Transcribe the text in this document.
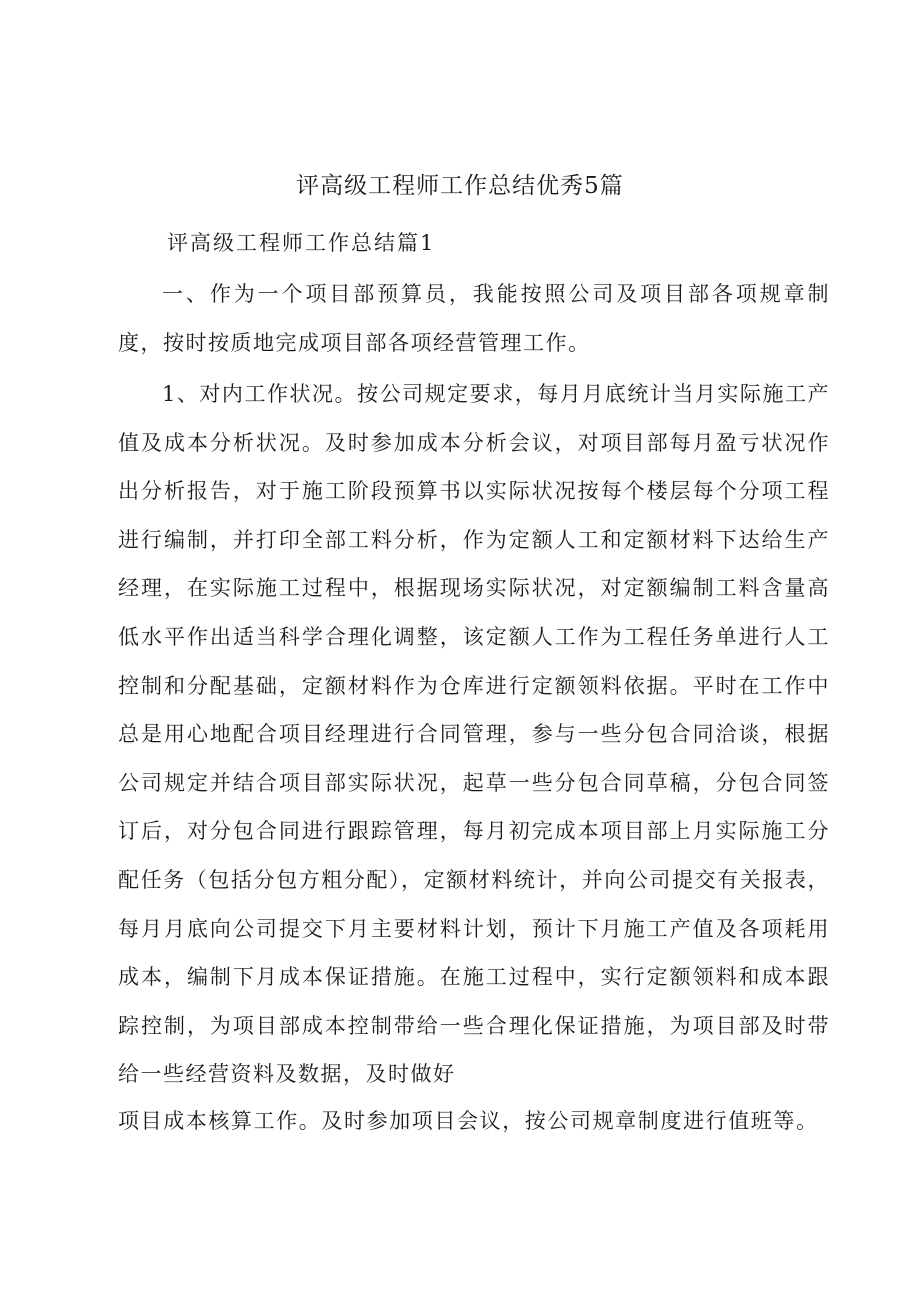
评高级工程师工作总结优秀5篇

评高级工程师工作总结篇1

一、作为一个项目部预算员，我能按照公司及项目部各项规章制度，按时按质地完成项目部各项经营管理工作。

1、对内工作状况。按公司规定要求，每月月底统计当月实际施工产值及成本分析状况。及时参加成本分析会议，对项目部每月盈亏状况作出分析报告，对于施工阶段预算书以实际状况按每个楼层每个分项工程进行编制，并打印全部工料分析，作为定额人工和定额材料下达给生产经理，在实际施工过程中，根据现场实际状况，对定额编制工料含量高低水平作出适当科学合理化调整，该定额人工作为工程任务单进行人工控制和分配基础，定额材料作为仓库进行定额领料依据。平时在工作中总是用心地配合项目经理进行合同管理，参与一些分包合同洽谈，根据公司规定并结合项目部实际状况，起草一些分包合同草稿，分包合同签订后，对分包合同进行跟踪管理，每月初完成本项目部上月实际施工分配任务（包括分包方粗分配），定额材料统计，并向公司提交有关报表，每月月底向公司提交下月主要材料计划，预计下月施工产值及各项耗用成本，编制下月成本保证措施。在施工过程中，实行定额领料和成本跟踪控制，为项目部成本控制带给一些合理化保证措施，为项目部及时带给一些经营资料及数据，及时做好

项目成本核算工作。及时参加项目会议，按公司规章制度进行值班等。
